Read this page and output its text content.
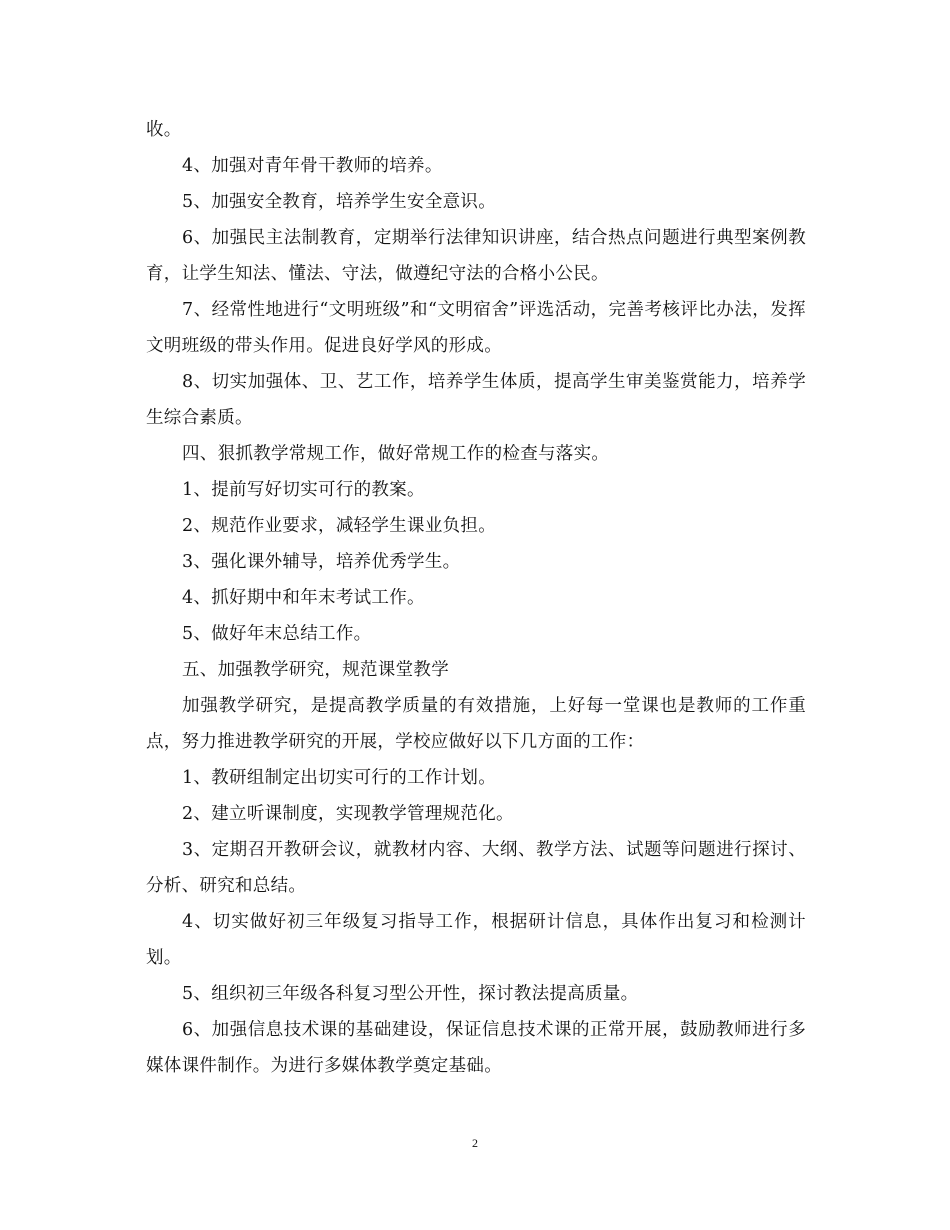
收。

4、加强对青年骨干教师的培养。

5、加强安全教育，培养学生安全意识。

6、加强民主法制教育，定期举行法律知识讲座，结合热点问题进行典型案例教育，让学生知法、懂法、守法，做遵纪守法的合格小公民。

7、经常性地进行“文明班级”和“文明宿舍”评选活动，完善考核评比办法，发挥文明班级的带头作用。促进良好学风的形成。

8、切实加强体、卫、艺工作，培养学生体质，提高学生审美鉴赏能力，培养学生综合素质。

四、狠抓教学常规工作，做好常规工作的检查与落实。

1、提前写好切实可行的教案。

2、规范作业要求，减轻学生课业负担。

3、强化课外辅导，培养优秀学生。

4、抓好期中和年末考试工作。

5、做好年末总结工作。

五、加强教学研究，规范课堂教学

加强教学研究，是提高教学质量的有效措施，上好每一堂课也是教师的工作重点，努力推进教学研究的开展，学校应做好以下几方面的工作：

1、教研组制定出切实可行的工作计划。

2、建立听课制度，实现教学管理规范化。

3、定期召开教研会议，就教材内容、大纲、教学方法、试题等问题进行探讨、分析、研究和总结。

4、切实做好初三年级复习指导工作，根据研计信息，具体作出复习和检测计划。

5、组织初三年级各科复习型公开性，探讨教法提高质量。

6、加强信息技术课的基础建设，保证信息技术课的正常开展，鼓励教师进行多媒体课件制作。为进行多媒体教学奠定基础。

2
